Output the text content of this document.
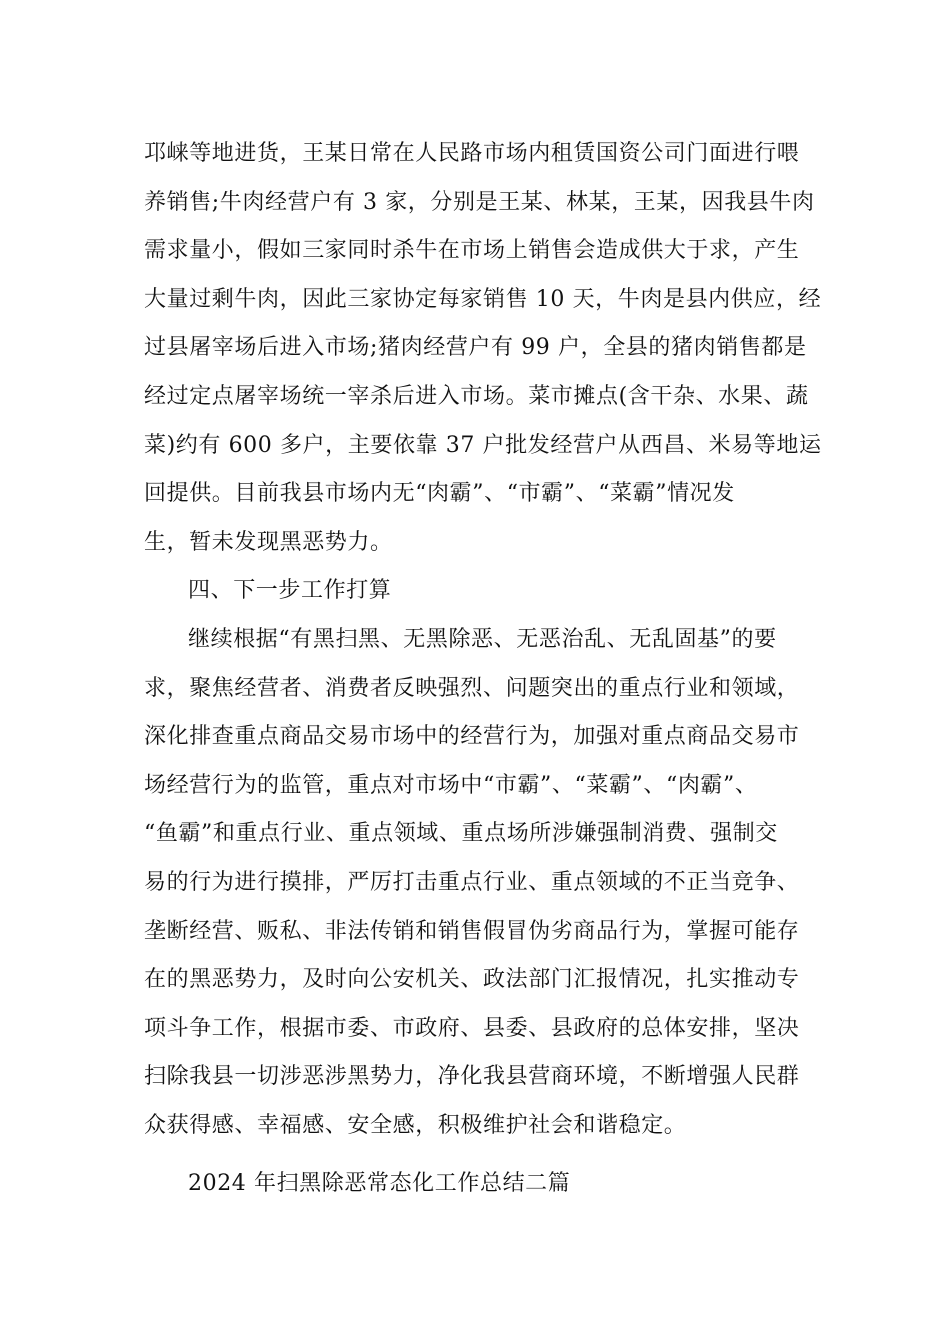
邛崃等地进货，王某日常在人民路市场内租赁国资公司门面进行喂
养销售;牛肉经营户有 3 家，分别是王某、林某，王某，因我县牛肉
需求量小，假如三家同时杀牛在市场上销售会造成供大于求，产生
大量过剩牛肉，因此三家协定每家销售 10 天，牛肉是县内供应，经
过县屠宰场后进入市场;猪肉经营户有 99 户，全县的猪肉销售都是
经过定点屠宰场统一宰杀后进入市场。菜市摊点(含干杂、水果、蔬
菜)约有 600 多户，主要依靠 37 户批发经营户从西昌、米易等地运
回提供。目前我县市场内无“肉霸”、“市霸”、“菜霸”情况发
生，暂未发现黑恶势力。
四、下一步工作打算
继续根据“有黑扫黑、无黑除恶、无恶治乱、无乱固基”的要
求，聚焦经营者、消费者反映强烈、问题突出的重点行业和领域，
深化排查重点商品交易市场中的经营行为，加强对重点商品交易市
场经营行为的监管，重点对市场中“市霸”、“菜霸”、“肉霸”、
“鱼霸”和重点行业、重点领域、重点场所涉嫌强制消费、强制交
易的行为进行摸排，严厉打击重点行业、重点领域的不正当竞争、
垄断经营、贩私、非法传销和销售假冒伪劣商品行为，掌握可能存
在的黑恶势力，及时向公安机关、政法部门汇报情况，扎实推动专
项斗争工作，根据市委、市政府、县委、县政府的总体安排，坚决
扫除我县一切涉恶涉黑势力，净化我县营商环境，不断增强人民群
众获得感、幸福感、安全感，积极维护社会和谐稳定。
2024 年扫黑除恶常态化工作总结二篇
